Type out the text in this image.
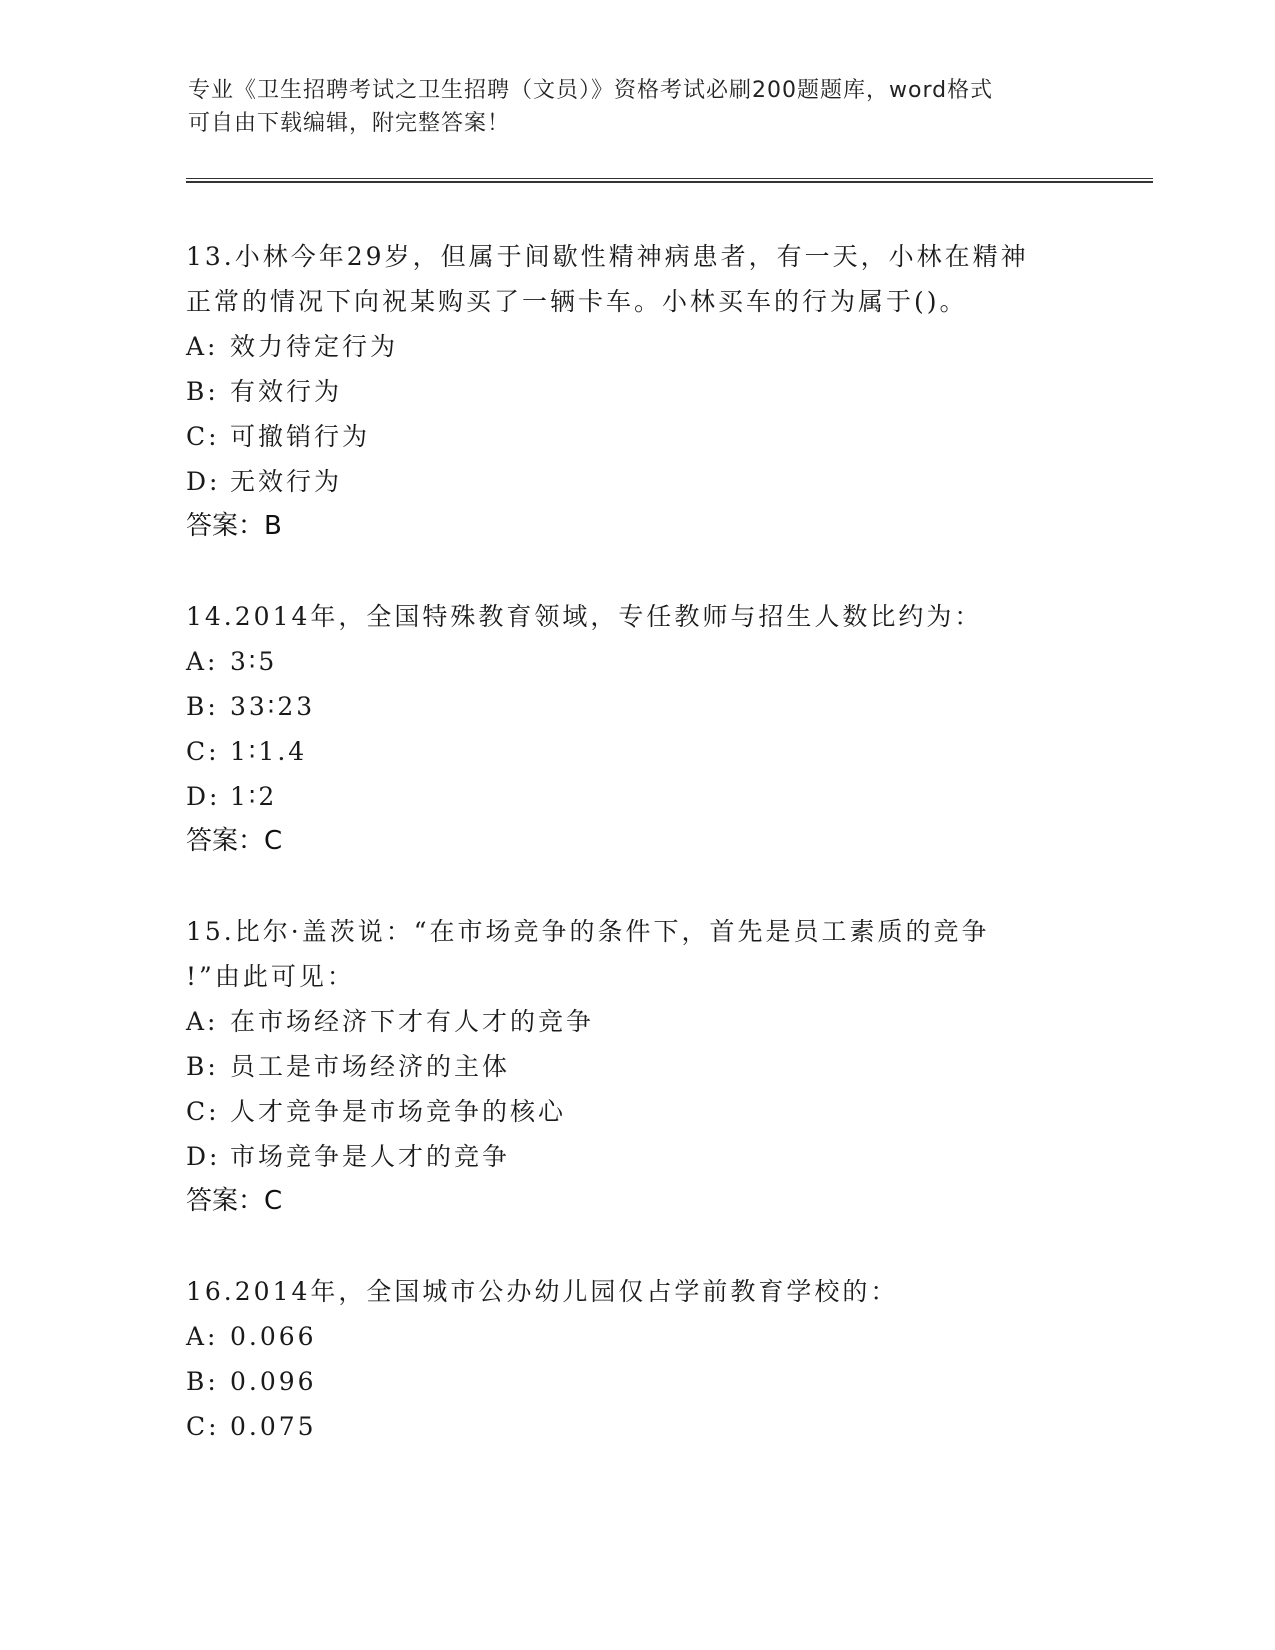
专业《卫生招聘考试之卫生招聘（文员）》资格考试必刷200题题库，word格式
可自由下载编辑，附完整答案！

13.小林今年29岁，但属于间歇性精神病患者，有一天，小林在精神

正常的情况下向祝某购买了一辆卡车。小林买车的行为属于()。

A: 效力待定行为

B: 有效行为

C: 可撤销行为

D: 无效行为

答案：B

14.2014年，全国特殊教育领域，专任教师与招生人数比约为：

A: 3∶5

B: 33∶23

C: 1∶1.4

D: 1∶2

答案：C

15.比尔·盖茨说：“在市场竞争的条件下，首先是员工素质的竞争

!”由此可见：

A: 在市场经济下才有人才的竞争

B: 员工是市场经济的主体

C: 人才竞争是市场竞争的核心

D: 市场竞争是人才的竞争

答案：C

16.2014年，全国城市公办幼儿园仅占学前教育学校的：

A: 0.066

B: 0.096

C: 0.075
